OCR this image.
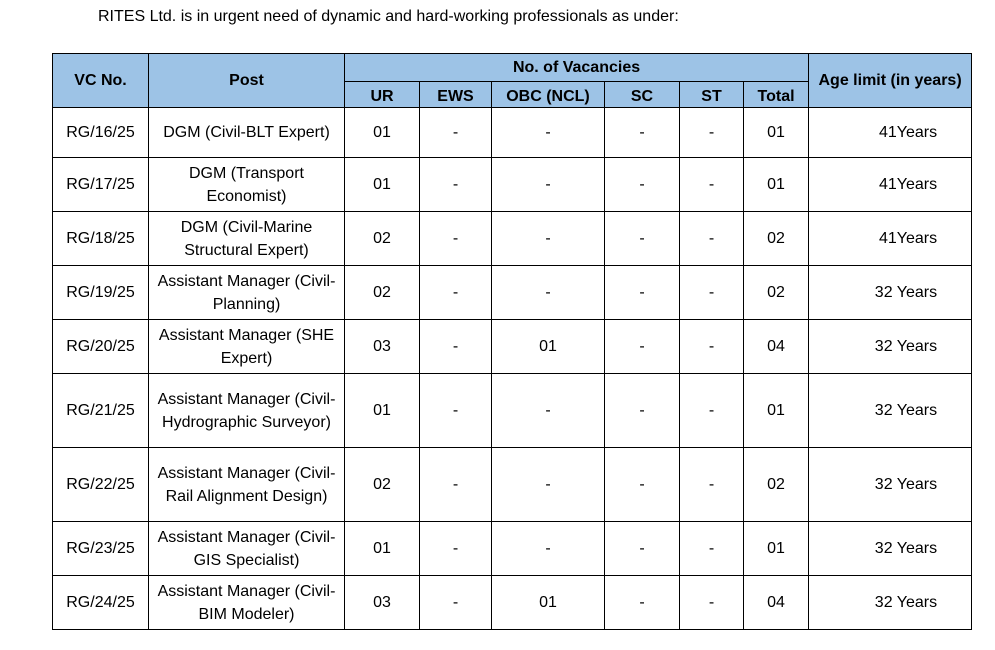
RITES Ltd. is in urgent need of dynamic and hard-working professionals as under:
VC No.	Post	No. of Vacancies						Age limit (in years)
		UR	EWS	OBC (NCL)	SC	ST	Total	
RG/16/25	DGM (Civil-BLT Expert)	01	-	-	-	-	01	41Years
RG/17/25	DGM (Transport Economist)	01	-	-	-	-	01	41Years
RG/18/25	DGM (Civil-Marine Structural Expert)	02	-	-	-	-	02	41Years
RG/19/25	Assistant Manager (Civil-Planning)	02	-	-	-	-	02	32 Years
RG/20/25	Assistant Manager (SHE Expert)	03	-	01	-	-	04	32 Years
RG/21/25	Assistant Manager (Civil-Hydrographic Surveyor)	01	-	-	-	-	01	32 Years
RG/22/25	Assistant Manager (Civil- Rail Alignment Design)	02	-	-	-	-	02	32 Years
RG/23/25	Assistant Manager (Civil-GIS Specialist)	01	-	-	-	-	01	32 Years
RG/24/25	Assistant Manager (Civil-BIM Modeler)	03	-	01	-	-	04	32 Years
